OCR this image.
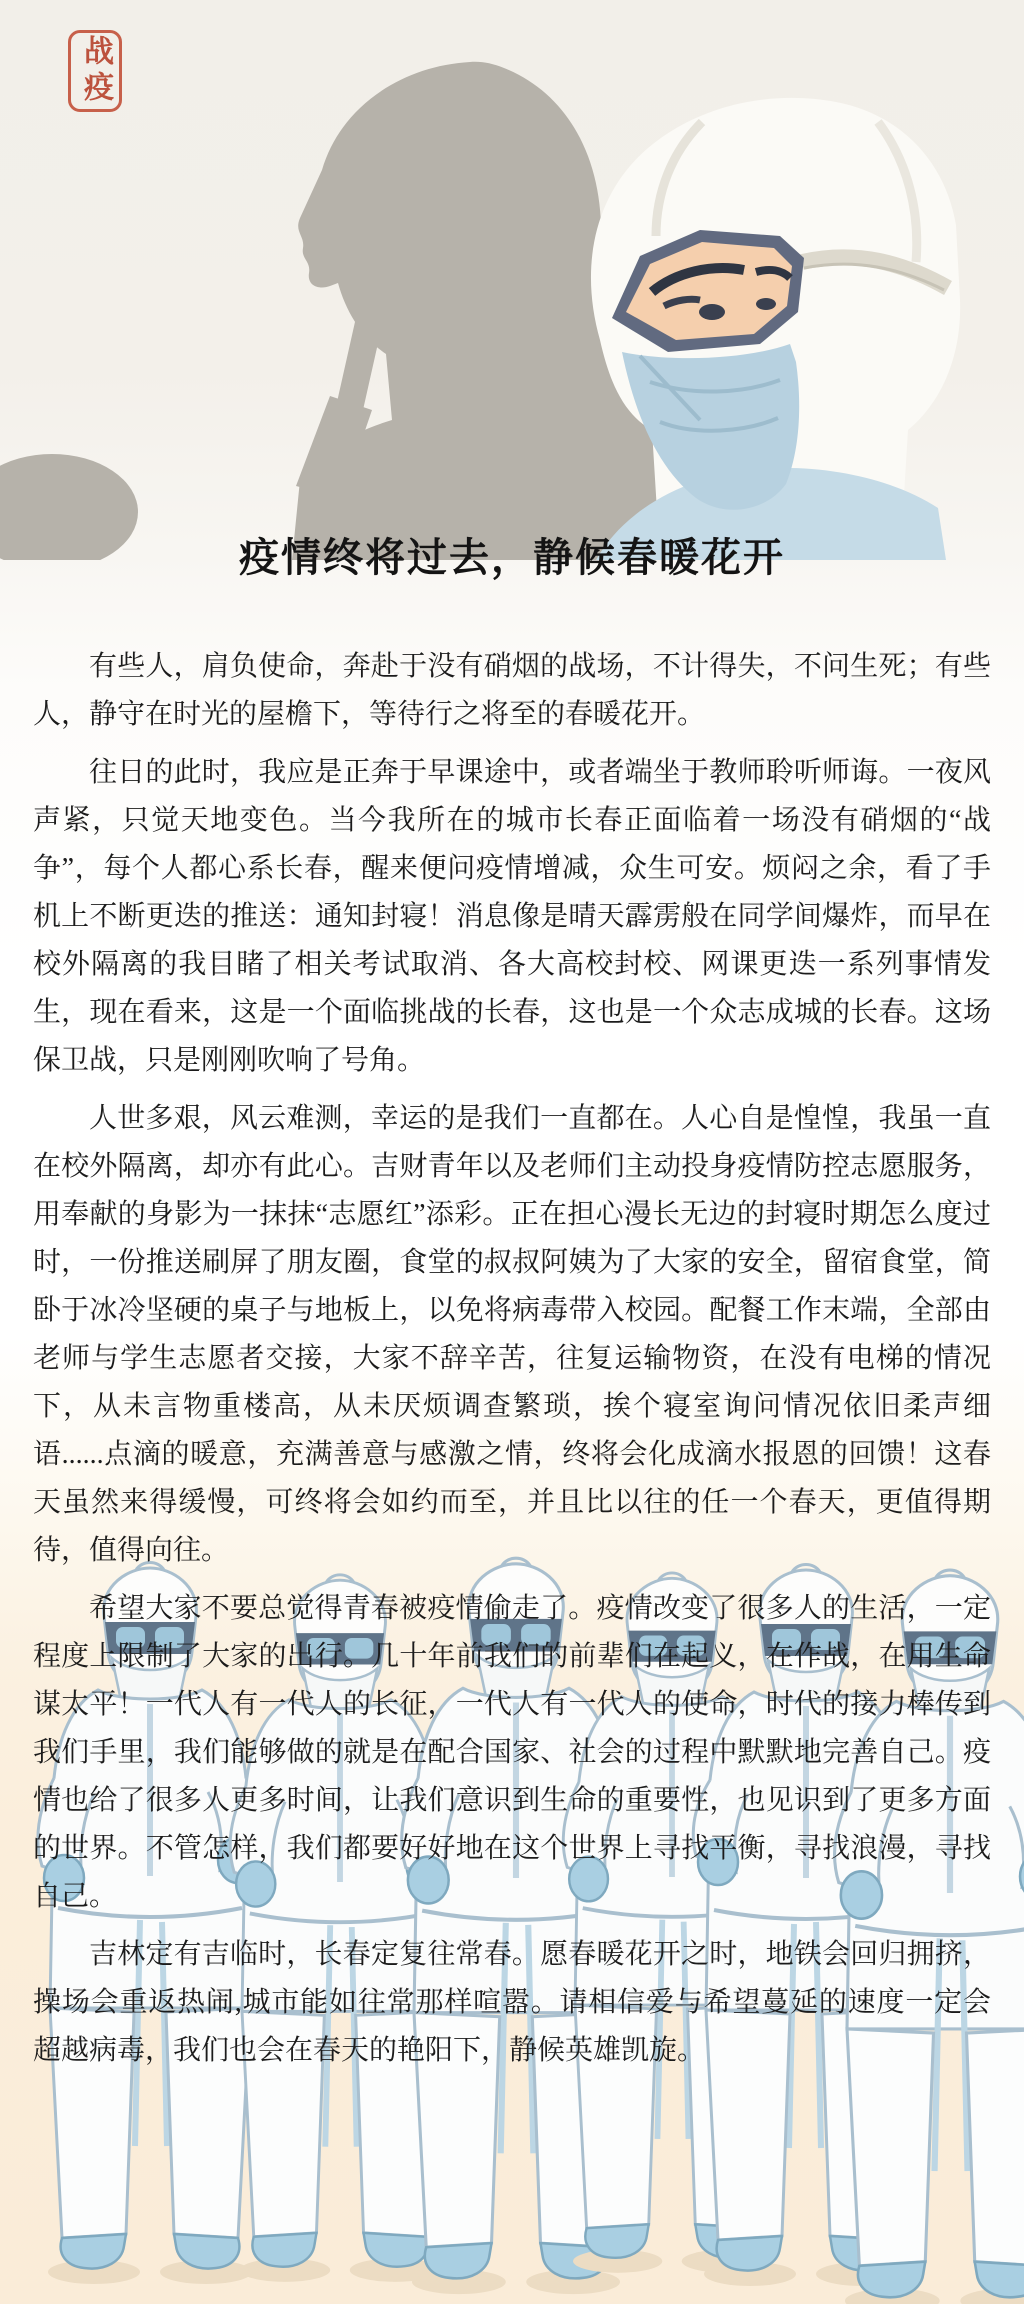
战疫
疫情终将过去，静候春暖花开

有些人，肩负使命，奔赴于没有硝烟的战场，不计得失，不问生死；有些人，静守在时光的屋檐下，等待行之将至的春暖花开。

往日的此时，我应是正奔于早课途中，或者端坐于教师聆听师诲。一夜风声紧，只觉天地变色。当今我所在的城市长春正面临着一场没有硝烟的“战争”，每个人都心系长春，醒来便问疫情增减，众生可安。烦闷之余，看了手机上不断更迭的推送：通知封寝！消息像是晴天霹雳般在同学间爆炸，而早在校外隔离的我目睹了相关考试取消、各大高校封校、网课更迭一系列事情发生，现在看来，这是一个面临挑战的长春，这也是一个众志成城的长春。这场保卫战，只是刚刚吹响了号角。

人世多艰，风云难测，幸运的是我们一直都在。人心自是惶惶，我虽一直在校外隔离，却亦有此心。吉财青年以及老师们主动投身疫情防控志愿服务，用奉献的身影为一抹抹“志愿红”添彩。正在担心漫长无边的封寝时期怎么度过时，一份推送刷屏了朋友圈，食堂的叔叔阿姨为了大家的安全，留宿食堂，简卧于冰冷坚硬的桌子与地板上，以免将病毒带入校园。配餐工作末端，全部由老师与学生志愿者交接，大家不辞辛苦，往复运输物资，在没有电梯的情况下，从未言物重楼高，从未厌烦调查繁琐，挨个寝室询问情况依旧柔声细语......点滴的暖意，充满善意与感激之情，终将会化成滴水报恩的回馈！这春天虽然来得缓慢，可终将会如约而至，并且比以往的任一个春天，更值得期待，值得向往。

希望大家不要总觉得青春被疫情偷走了。疫情改变了很多人的生活，一定程度上限制了大家的出行。几十年前我们的前辈们在起义，在作战，在用生命谋太平！一代人有一代人的长征，一代人有一代人的使命，时代的接力棒传到我们手里，我们能够做的就是在配合国家、社会的过程中默默地完善自己。疫情也给了很多人更多时间，让我们意识到生命的重要性，也见识到了更多方面的世界。不管怎样，我们都要好好地在这个世界上寻找平衡，寻找浪漫，寻找自己。

吉林定有吉临时，长春定复往常春。愿春暖花开之时，地铁会回归拥挤，操场会重返热闹,城市能如往常那样喧嚣。请相信爱与希望蔓延的速度一定会超越病毒，我们也会在春天的艳阳下，静候英雄凯旋。
